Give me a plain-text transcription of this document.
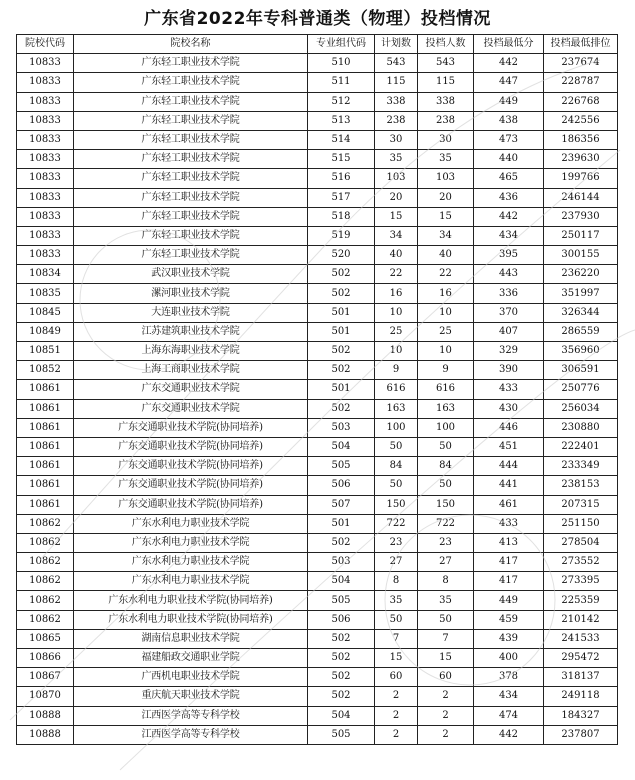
广东省2022年专科普通类（物理）投档情况
院校代码	院校名称	专业组代码	计划数	投档人数	投档最低分	投档最低排位
10833	广东轻工职业技术学院	510	543	543	442	237674
10833	广东轻工职业技术学院	511	115	115	447	228787
10833	广东轻工职业技术学院	512	338	338	449	226768
10833	广东轻工职业技术学院	513	238	238	438	242556
10833	广东轻工职业技术学院	514	30	30	473	186356
10833	广东轻工职业技术学院	515	35	35	440	239630
10833	广东轻工职业技术学院	516	103	103	465	199766
10833	广东轻工职业技术学院	517	20	20	436	246144
10833	广东轻工职业技术学院	518	15	15	442	237930
10833	广东轻工职业技术学院	519	34	34	434	250117
10833	广东轻工职业技术学院	520	40	40	395	300155
10834	武汉职业技术学院	502	22	22	443	236220
10835	漯河职业技术学院	502	16	16	336	351997
10845	大连职业技术学院	501	10	10	370	326344
10849	江苏建筑职业技术学院	501	25	25	407	286559
10851	上海东海职业技术学院	502	10	10	329	356960
10852	上海工商职业技术学院	502	9	9	390	306591
10861	广东交通职业技术学院	501	616	616	433	250776
10861	广东交通职业技术学院	502	163	163	430	256034
10861	广东交通职业技术学院(协同培养)	503	100	100	446	230880
10861	广东交通职业技术学院(协同培养)	504	50	50	451	222401
10861	广东交通职业技术学院(协同培养)	505	84	84	444	233349
10861	广东交通职业技术学院(协同培养)	506	50	50	441	238153
10861	广东交通职业技术学院(协同培养)	507	150	150	461	207315
10862	广东水利电力职业技术学院	501	722	722	433	251150
10862	广东水利电力职业技术学院	502	23	23	413	278504
10862	广东水利电力职业技术学院	503	27	27	417	273552
10862	广东水利电力职业技术学院	504	8	8	417	273395
10862	广东水利电力职业技术学院(协同培养)	505	35	35	449	225359
10862	广东水利电力职业技术学院(协同培养)	506	50	50	459	210142
10865	湖南信息职业技术学院	502	7	7	439	241533
10866	福建船政交通职业学院	502	15	15	400	295472
10867	广西机电职业技术学院	502	60	60	378	318137
10870	重庆航天职业技术学院	502	2	2	434	249118
10888	江西医学高等专科学校	504	2	2	474	184327
10888	江西医学高等专科学校	505	2	2	442	237807
